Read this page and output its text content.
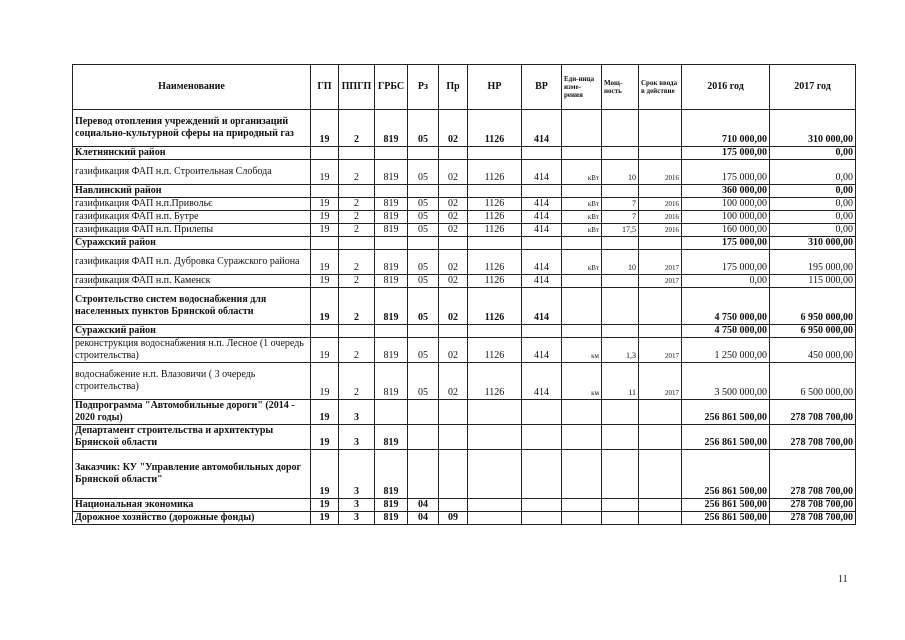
Наименование	ГП	ППГП	ГРБС	Рз	Пр	НР	ВР	Еди-ница изме-рения	Мощ-ность	Срок ввода в действие	2016 год	2017 год
Перевод отопления учреждений и организаций социально-культурной сферы на природный газ	19	2	819	05	02	1126	414				710 000,00	310 000,00
Клетнянский район											175 000,00	0,00
газификация ФАП н.п. Строительная Слобода	19	2	819	05	02	1126	414	кВт	10	2016	175 000,00	0,00
Навлинский район											360 000,00	0,00
газификация ФАП н.п.Привольє	19	2	819	05	02	1126	414	кВт	7	2016	100 000,00	0,00
газификация ФАП н.п. Бутре	19	2	819	05	02	1126	414	кВт	7	2016	100 000,00	0,00
газификация ФАП н.п. Прилепы	19	2	819	05	02	1126	414	кВт	17,5	2016	160 000,00	0,00
Суражский район											175 000,00	310 000,00
газификация ФАП н.п. Дубровка Суражского района	19	2	819	05	02	1126	414	кВт	10	2017	175 000,00	195 000,00
газификация ФАП н.п. Каменск	19	2	819	05	02	1126	414			2017	0,00	115 000,00
Строительство систем водоснабжения для населенных пунктов Брянской области	19	2	819	05	02	1126	414				4 750 000,00	6 950 000,00
Суражский район											4 750 000,00	6 950 000,00
реконструкция водоснабжения н.п. Лесное (1 очередь строительства)	19	2	819	05	02	1126	414	км	1,3	2017	1 250 000,00	450 000,00
водоснабжение н.п. Влазовичи ( 3 очередь строительства)	19	2	819	05	02	1126	414	км	11	2017	3 500 000,00	6 500 000,00
Подпрограмма "Автомобильные дороги" (2014 - 2020 годы)	19	3									256 861 500,00	278 708 700,00
Департамент строительства и архитектуры Брянской области	19	3	819								256 861 500,00	278 708 700,00
Заказчик: КУ "Управление автомобильных дорог Брянской области"	19	3	819								256 861 500,00	278 708 700,00
Национальная экономика	19	3	819	04							256 861 500,00	278 708 700,00
Дорожное хозяйство (дорожные фонды)	19	3	819	04	09						256 861 500,00	278 708 700,00
11
